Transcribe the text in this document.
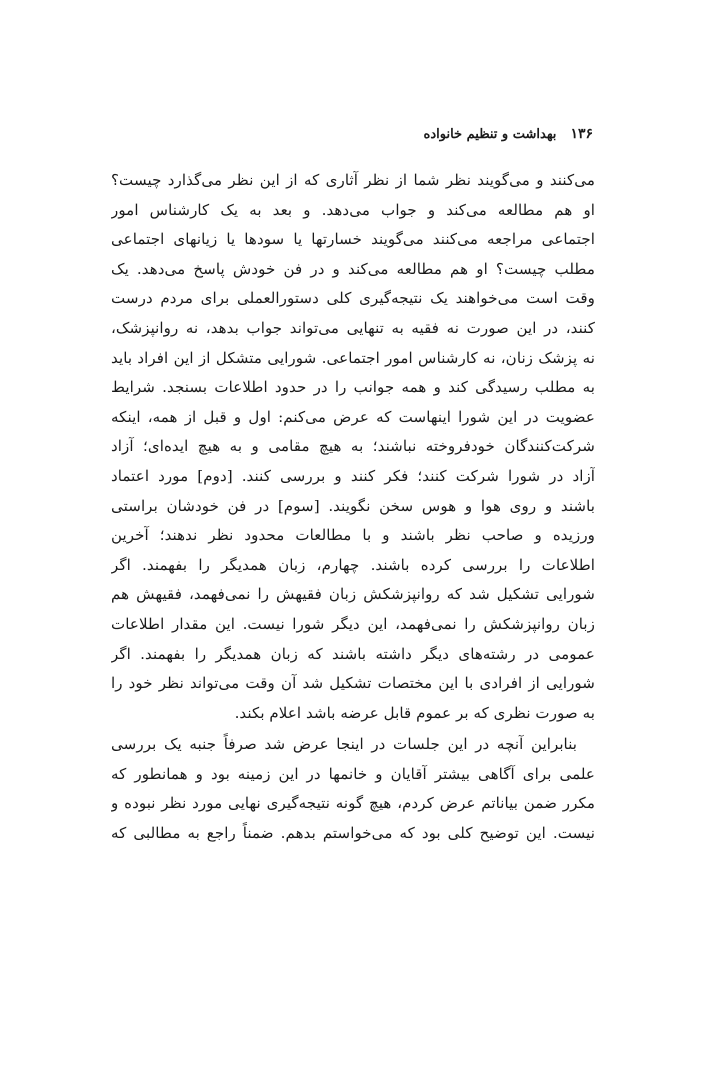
۱۳۶
بهداشت و تنظیم خانواده
می‌کنند و می‌گویند نظر شما از نظر آثاری که از این نظر می‌گذارد چیست؟
او هم مطالعه می‌کند و جواب می‌دهد. و بعد به یک کارشناس امور
اجتماعی مراجعه می‌کنند می‌گویند خسارتها یا سودها یا زیانهای اجتماعی
مطلب چیست؟ او هم مطالعه می‌کند و در فن خودش پاسخ می‌دهد. یک
وقت است می‌خواهند یک نتیجه‌گیری کلی دستورالعملی برای مردم درست
کنند، در این صورت نه فقیه به تنهایی می‌تواند جواب بدهد، نه روانپزشک،
نه پزشک زنان، نه کارشناس امور اجتماعی. شورایی متشکل از این افراد باید
به مطلب رسیدگی کند و همه جوانب را در حدود اطلاعات بسنجد. شرایط
عضویت در این شورا اینهاست که عرض می‌کنم: اول و قبل از همه، اینکه
شرکت‌کنندگان خودفروخته نباشند؛ به هیچ مقامی و به هیچ ایده‌ای؛ آزاد
آزاد در شورا شرکت کنند؛ فکر کنند و بررسی کنند. [دوم] مورد اعتماد
باشند و روی هوا و هوس سخن نگویند. [سوم] در فن خودشان براستی
ورزیده و صاحب نظر باشند و با مطالعات محدود نظر ندهند؛ آخرین
اطلاعات را بررسی کرده باشند. چهارم، زبان همدیگر را بفهمند. اگر
شورایی تشکیل شد که روانپزشکش زبان فقیهش را نمی‌فهمد، فقیهش هم
زبان روانپزشکش را نمی‌فهمد، این دیگر شورا نیست. این مقدار اطلاعات
عمومی در رشته‌های دیگر داشته باشند که زبان همدیگر را بفهمند. اگر
شورایی از افرادی با این مختصات تشکیل شد آن وقت می‌تواند نظر خود را
به صورت نظری که بر عموم قابل عرضه باشد اعلام بکند.
بنابراین آنچه در این جلسات در اینجا عرض شد صرفاً جنبه یک بررسی
علمی برای آگاهی بیشتر آقایان و خانمها در این زمینه بود و همانطور که
مکرر ضمن بیاناتم عرض کردم، هیچ گونه نتیجه‌گیری نهایی مورد نظر نبوده و
نیست. این توضیح کلی بود که می‌خواستم بدهم. ضمناً راجع به مطالبی که
